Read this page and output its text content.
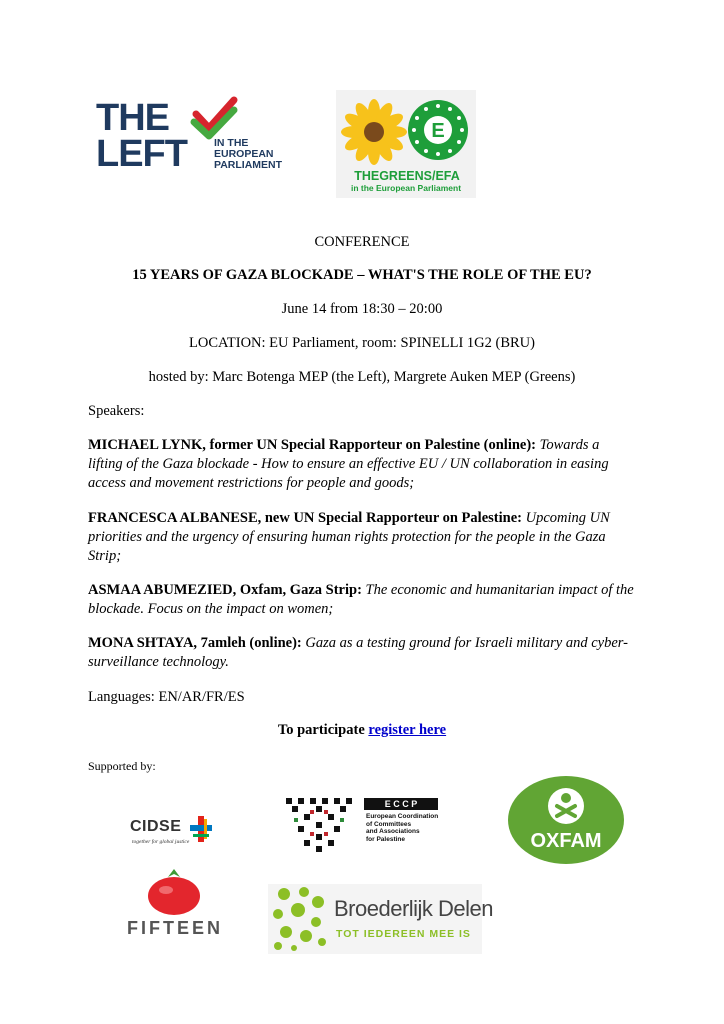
THE LEFT	IN THE
EUROPEAN
PARLIAMENT
E
THEGREENS/EFA
in the European Parliament
CONFERENCE
15 YEARS OF GAZA BLOCKADE – WHAT'S THE ROLE OF THE EU?
June 14 from 18:30 – 20:00
LOCATION: EU Parliament, room: SPINELLI 1G2 (BRU)
hosted by: Marc Botenga MEP (the Left), Margrete Auken MEP (Greens)
Speakers:
MICHAEL LYNK, former UN Special Rapporteur on Palestine (online): Towards a lifting of the Gaza blockade - How to ensure an effective EU / UN collaboration in easing access and movement restrictions for people and goods;
FRANCESCA ALBANESE, new UN Special Rapporteur on Palestine: Upcoming UN priorities and the urgency of ensuring human rights protection for the people in the Gaza Strip;
ASMAA ABUMEZIED, Oxfam, Gaza Strip: The economic and humanitarian impact of the blockade. Focus on the impact on women;
MONA SHTAYA, 7amleh (online): Gaza as a testing ground for Israeli military and cyber-surveillance technology.
Languages: EN/AR/FR/ES
To participate register here
Supported by:
CIDSE
together for global justice
E C C P
European Coordination
of Committees
and Associations
for Palestine	OXFAM
FIFTEEN
Broederlijk Delen
TOT IEDEREEN MEE IS
